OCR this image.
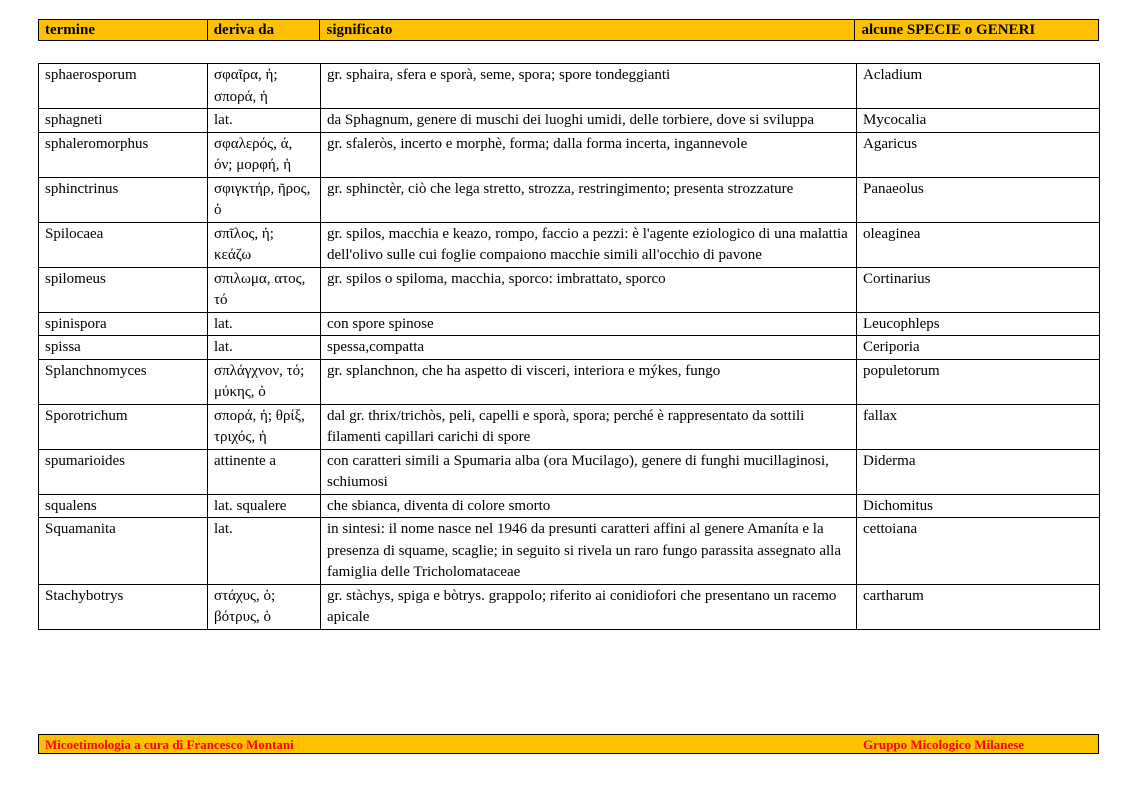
termine	deriva da	significato	alcune SPECIE o GENERI
sphaerosporum	σφαῖρα, ἡ; σπορά, ἡ	gr. sphaira, sfera e sporà, seme, spora; spore tondeggianti	Acladium
sphagneti	lat.	da Sphagnum, genere di muschi dei luoghi umidi, delle torbiere, dove si sviluppa	Mycocalia
sphaleromorphus	σφαλερός, ά, όν; μορφή, ἡ	gr. sfaleròs, incerto e morphè, forma; dalla forma incerta, ingannevole	Agaricus
sphinctrinus	σφιγκτήρ, ῆρος, ὁ	gr. sphinctèr, ciò che lega stretto, strozza, restringimento; presenta strozzature	Panaeolus
Spilocaea	σπῖλος, ἡ; κεάζω	gr. spilos, macchia e keazo, rompo, faccio a pezzi: è l'agente eziologico di una malattia dell'olivo sulle cui foglie compaiono macchie simili all'occhio di pavone	oleaginea
spilomeus	σπιλωμα, ατος, τό	gr. spilos o spiloma, macchia, sporco: imbrattato, sporco	Cortinarius
spinispora	lat.	con spore spinose	Leucophleps
spissa	lat.	spessa,compatta	Ceriporia
Splanchnomyces	σπλάγχνον, τό; μύκης, ὁ	gr. splanchnon, che ha aspetto di visceri, interiora e mýkes, fungo	populetorum
Sporotrichum	σπορά, ἡ; θρίξ, τριχός, ἡ	dal gr. thrix/trichòs, peli, capelli e sporà, spora; perché è rappresentato da sottili filamenti capillari carichi di spore	fallax
spumarioides	attinente a	con caratteri simili a Spumaria alba (ora Mucilago), genere di funghi mucillaginosi, schiumosi	Diderma
squalens	lat. squalere	che sbianca, diventa di colore smorto	Dichomitus
Squamanita	lat.	in sintesi: il nome nasce nel 1946 da presunti caratteri affini al genere Amaníta e la presenza di squame, scaglie; in seguito si rivela un raro fungo parassita assegnato alla famiglia delle Tricholomataceae	cettoiana
Stachybotrys	στάχυς, ὁ; βότρυς, ὁ	gr. stàchys, spiga e bòtrys. grappolo; riferito ai conidiofori che presentano un racemo apicale	cartharum
Micoetimologia a cura di Francesco Montani	Gruppo Micologico Milanese
